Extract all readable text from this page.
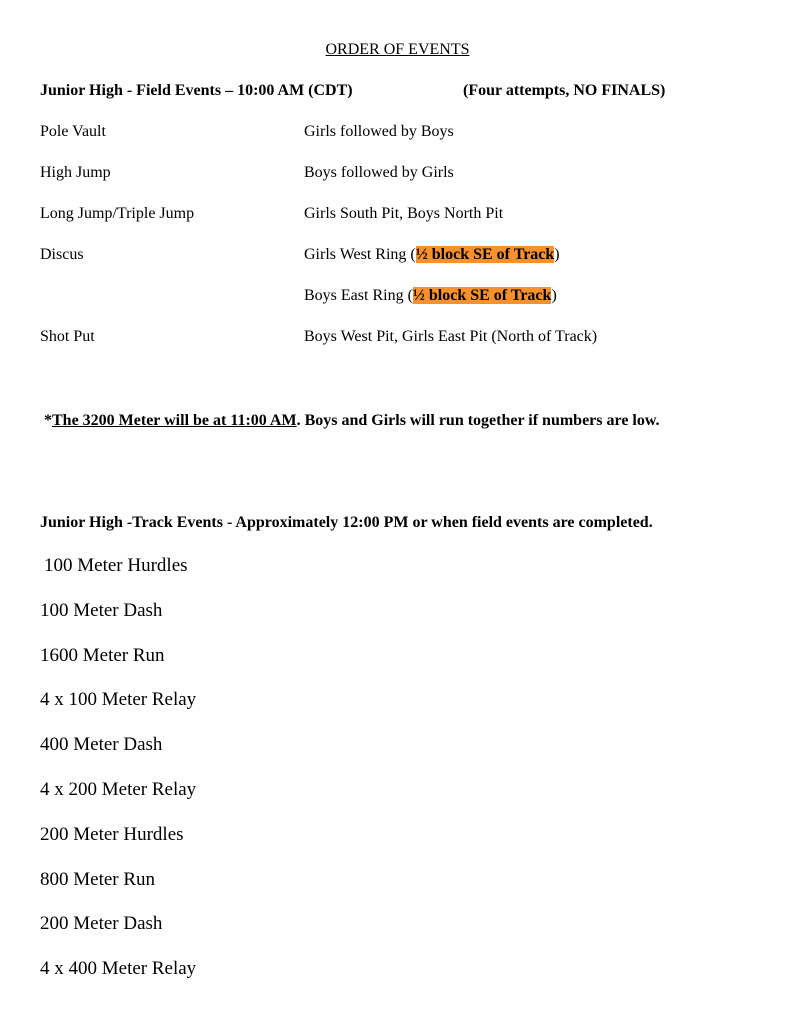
ORDER OF EVENTS
Junior High - Field Events – 10:00 AM (CDT)	(Four attempts, NO FINALS)
Pole Vault	Girls followed by Boys
High Jump	Boys followed by Girls
Long Jump/Triple Jump	Girls South Pit, Boys North Pit
Discus	Girls West Ring (½ block SE of Track)
Boys East Ring (½ block SE of Track)
Shot Put	Boys West Pit, Girls East Pit (North of Track)
*The 3200 Meter will be at 11:00 AM. Boys and Girls will run together if numbers are low.
Junior High -Track Events - Approximately 12:00 PM or when field events are completed.
100 Meter Hurdles
100 Meter Dash
1600 Meter Run
4 x 100 Meter Relay
400 Meter Dash
4 x 200 Meter Relay
200 Meter Hurdles
800 Meter Run
200 Meter Dash
4 x 400 Meter Relay
